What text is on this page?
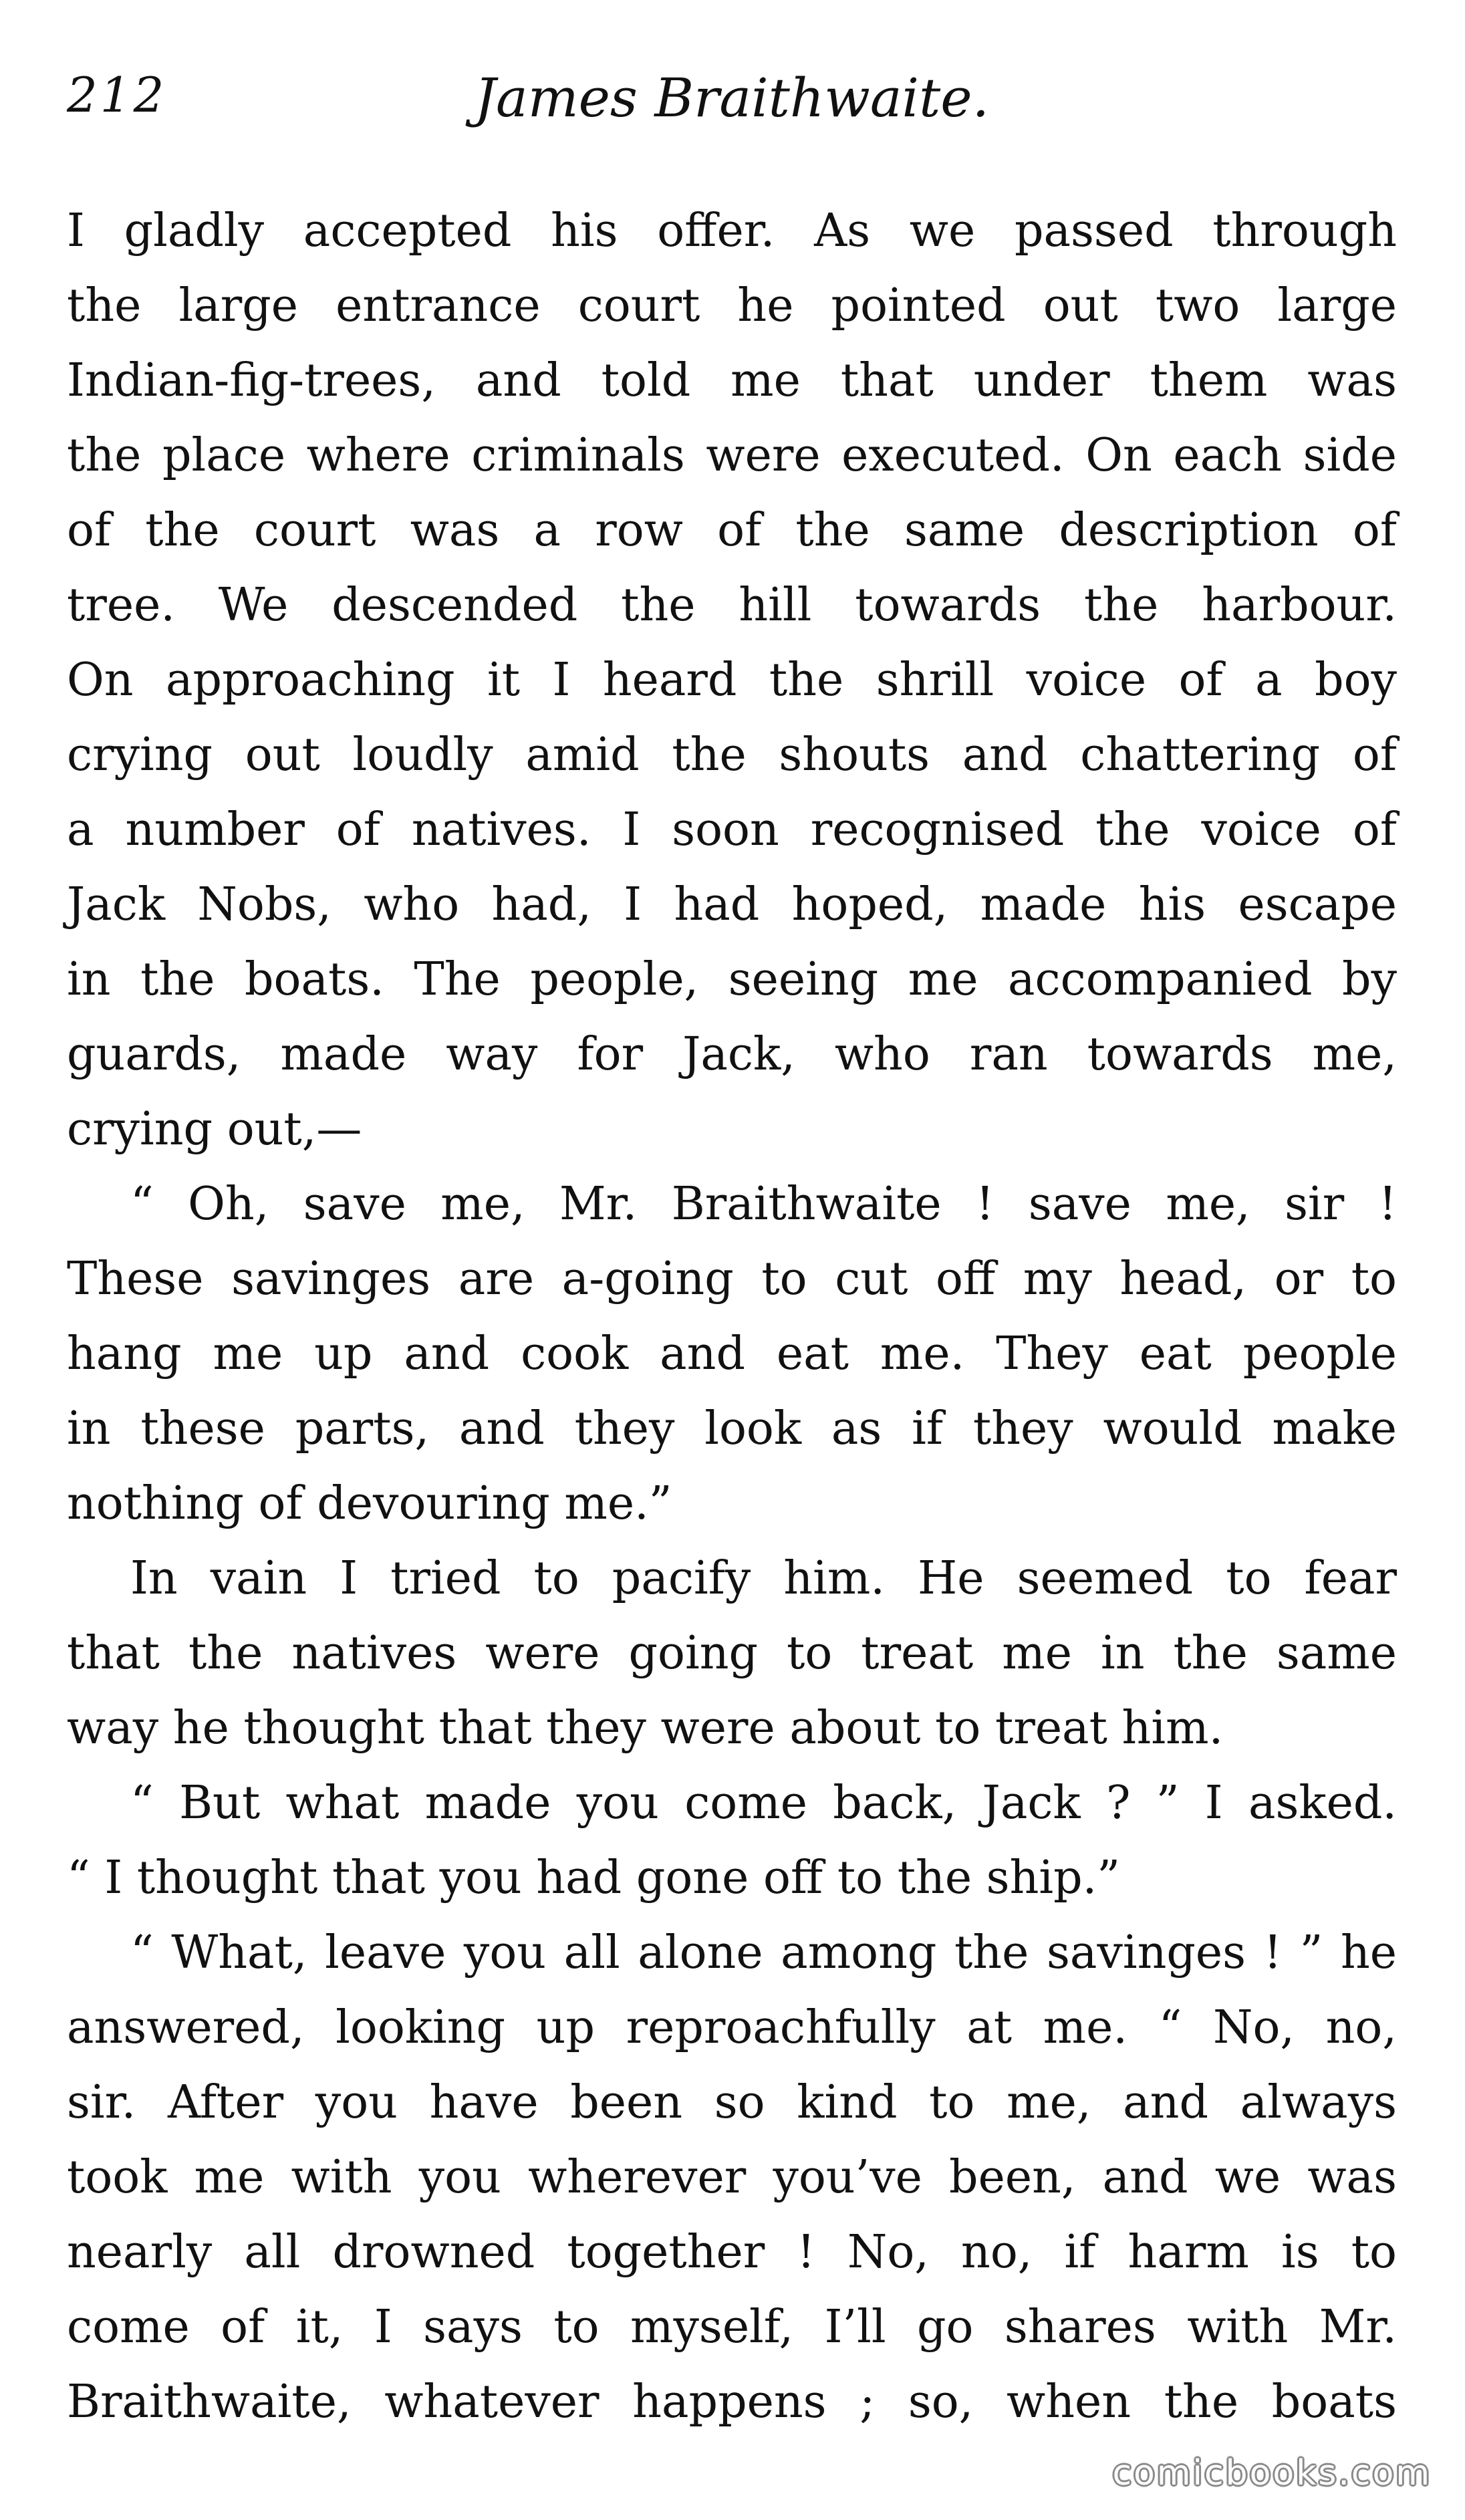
212	James Braithwaite.
I gladly accepted his offer. As we passed through
the large entrance court he pointed out two large
Indian-fig-trees, and told me that under them was
the place where criminals were executed. On each side
of the court was a row of the same description of
tree. We descended the hill towards the harbour.
On approaching it I heard the shrill voice of a boy
crying out loudly amid the shouts and chattering of
a number of natives. I soon recognised the voice of
Jack Nobs, who had, I had hoped, made his escape
in the boats. The people, seeing me accompanied by
guards, made way for Jack, who ran towards me,
crying out,—
“ Oh, save me, Mr. Braithwaite ! save me, sir !
These savinges are a-going to cut off my head, or to
hang me up and cook and eat me. They eat people
in these parts, and they look as if they would make
nothing of devouring me.”
In vain I tried to pacify him. He seemed to fear
that the natives were going to treat me in the same
way he thought that they were about to treat him.
“ But what made you come back, Jack ? ” I asked.
“ I thought that you had gone off to the ship.”
“ What, leave you all alone among the savinges ! ” he
answered, looking up reproachfully at me. “ No, no,
sir. After you have been so kind to me, and always
took me with you wherever you’ve been, and we was
nearly all drowned together ! No, no, if harm is to
come of it, I says to myself, I’ll go shares with Mr.
Braithwaite, whatever happens ; so, when the boats
comicbooks.com
